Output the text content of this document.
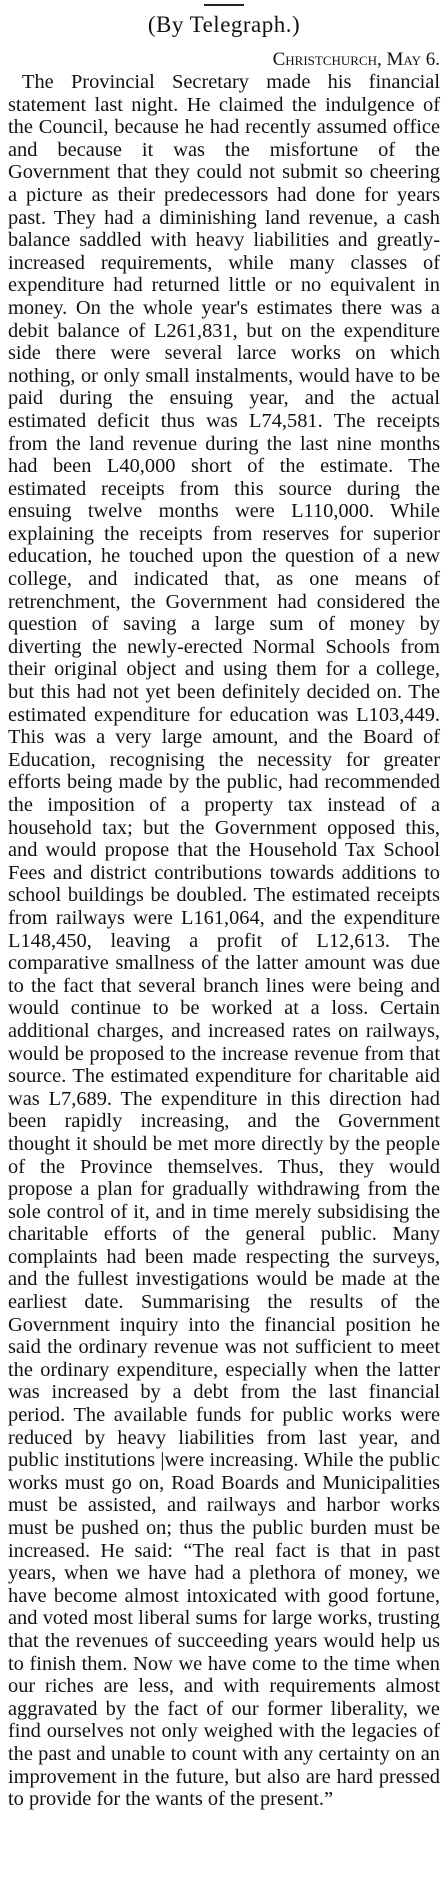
(By Telegraph.)

Christchurch, May 6.

The Provincial Secretary made his financial statement last night. He claimed the indulgence of the Council, because he had recently assumed office and because it was the misfortune of the Government that they could not submit so cheering a picture as their predecessors had done for years past. They had a diminishing land revenue, a cash balance saddled with heavy liabilities and greatly-increased requirements, while many classes of expenditure had returned little or no equivalent in money. On the whole year's estimates there was a debit balance of L261,831, but on the expenditure side there were several larce works on which nothing, or only small instalments, would have to be paid during the ensuing year, and the actual estimated deficit thus was L74,581. The receipts from the land revenue during the last nine months had been L40,000 short of the estimate. The estimated receipts from this source during the ensuing twelve months were L110,000. While explaining the receipts from reserves for superior education, he touched upon the question of a new college, and indicated that, as one means of retrenchment, the Government had considered the question of saving a large sum of money by diverting the newly-erected Normal Schools from their original object and using them for a college, but this had not yet been definitely decided on. The estimated expenditure for education was L103,449. This was a very large amount, and the Board of Education, recognising the necessity for greater efforts being made by the public, had recommended the imposition of a property tax instead of a household tax; but the Government opposed this, and would propose that the Household Tax School Fees and district contributions towards additions to school buildings be doubled. The estimated receipts from railways were L161,064, and the expenditure L148,450, leaving a profit of L12,613. The comparative smallness of the latter amount was due to the fact that several branch lines were being and would continue to be worked at a loss. Certain additional charges, and increased rates on railways, would be proposed to the increase revenue from that source. The estimated expenditure for charitable aid was L7,689. The expenditure in this direction had been rapidly increasing, and the Government thought it should be met more directly by the people of the Province themselves. Thus, they would propose a plan for gradually withdrawing from the sole control of it, and in time merely subsidising the charitable efforts of the general public. Many complaints had been made respecting the surveys, and the fullest investigations would be made at the earliest date. Summarising the results of the Government inquiry into the financial position he said the ordinary revenue was not sufficient to meet the ordinary expenditure, especially when the latter was increased by a debt from the last financial period. The available funds for public works were reduced by heavy liabilities from last year, and public institutions |were increasing. While the public works must go on, Road Boards and Municipalities must be assisted, and railways and harbor works must be pushed on; thus the public burden must be increased. He said: “The real fact is that in past years, when we have had a plethora of money, we have become almost intoxicated with good fortune, and voted most liberal sums for large works, trusting that the revenues of succeeding years would help us to finish them. Now we have come to the time when our riches are less, and with requirements almost aggravated by the fact of our former liberality, we find ourselves not only weighed with the legacies of the past and unable to count with any certainty on an improvement in the future, but also are hard pressed to provide for the wants of the present.”
